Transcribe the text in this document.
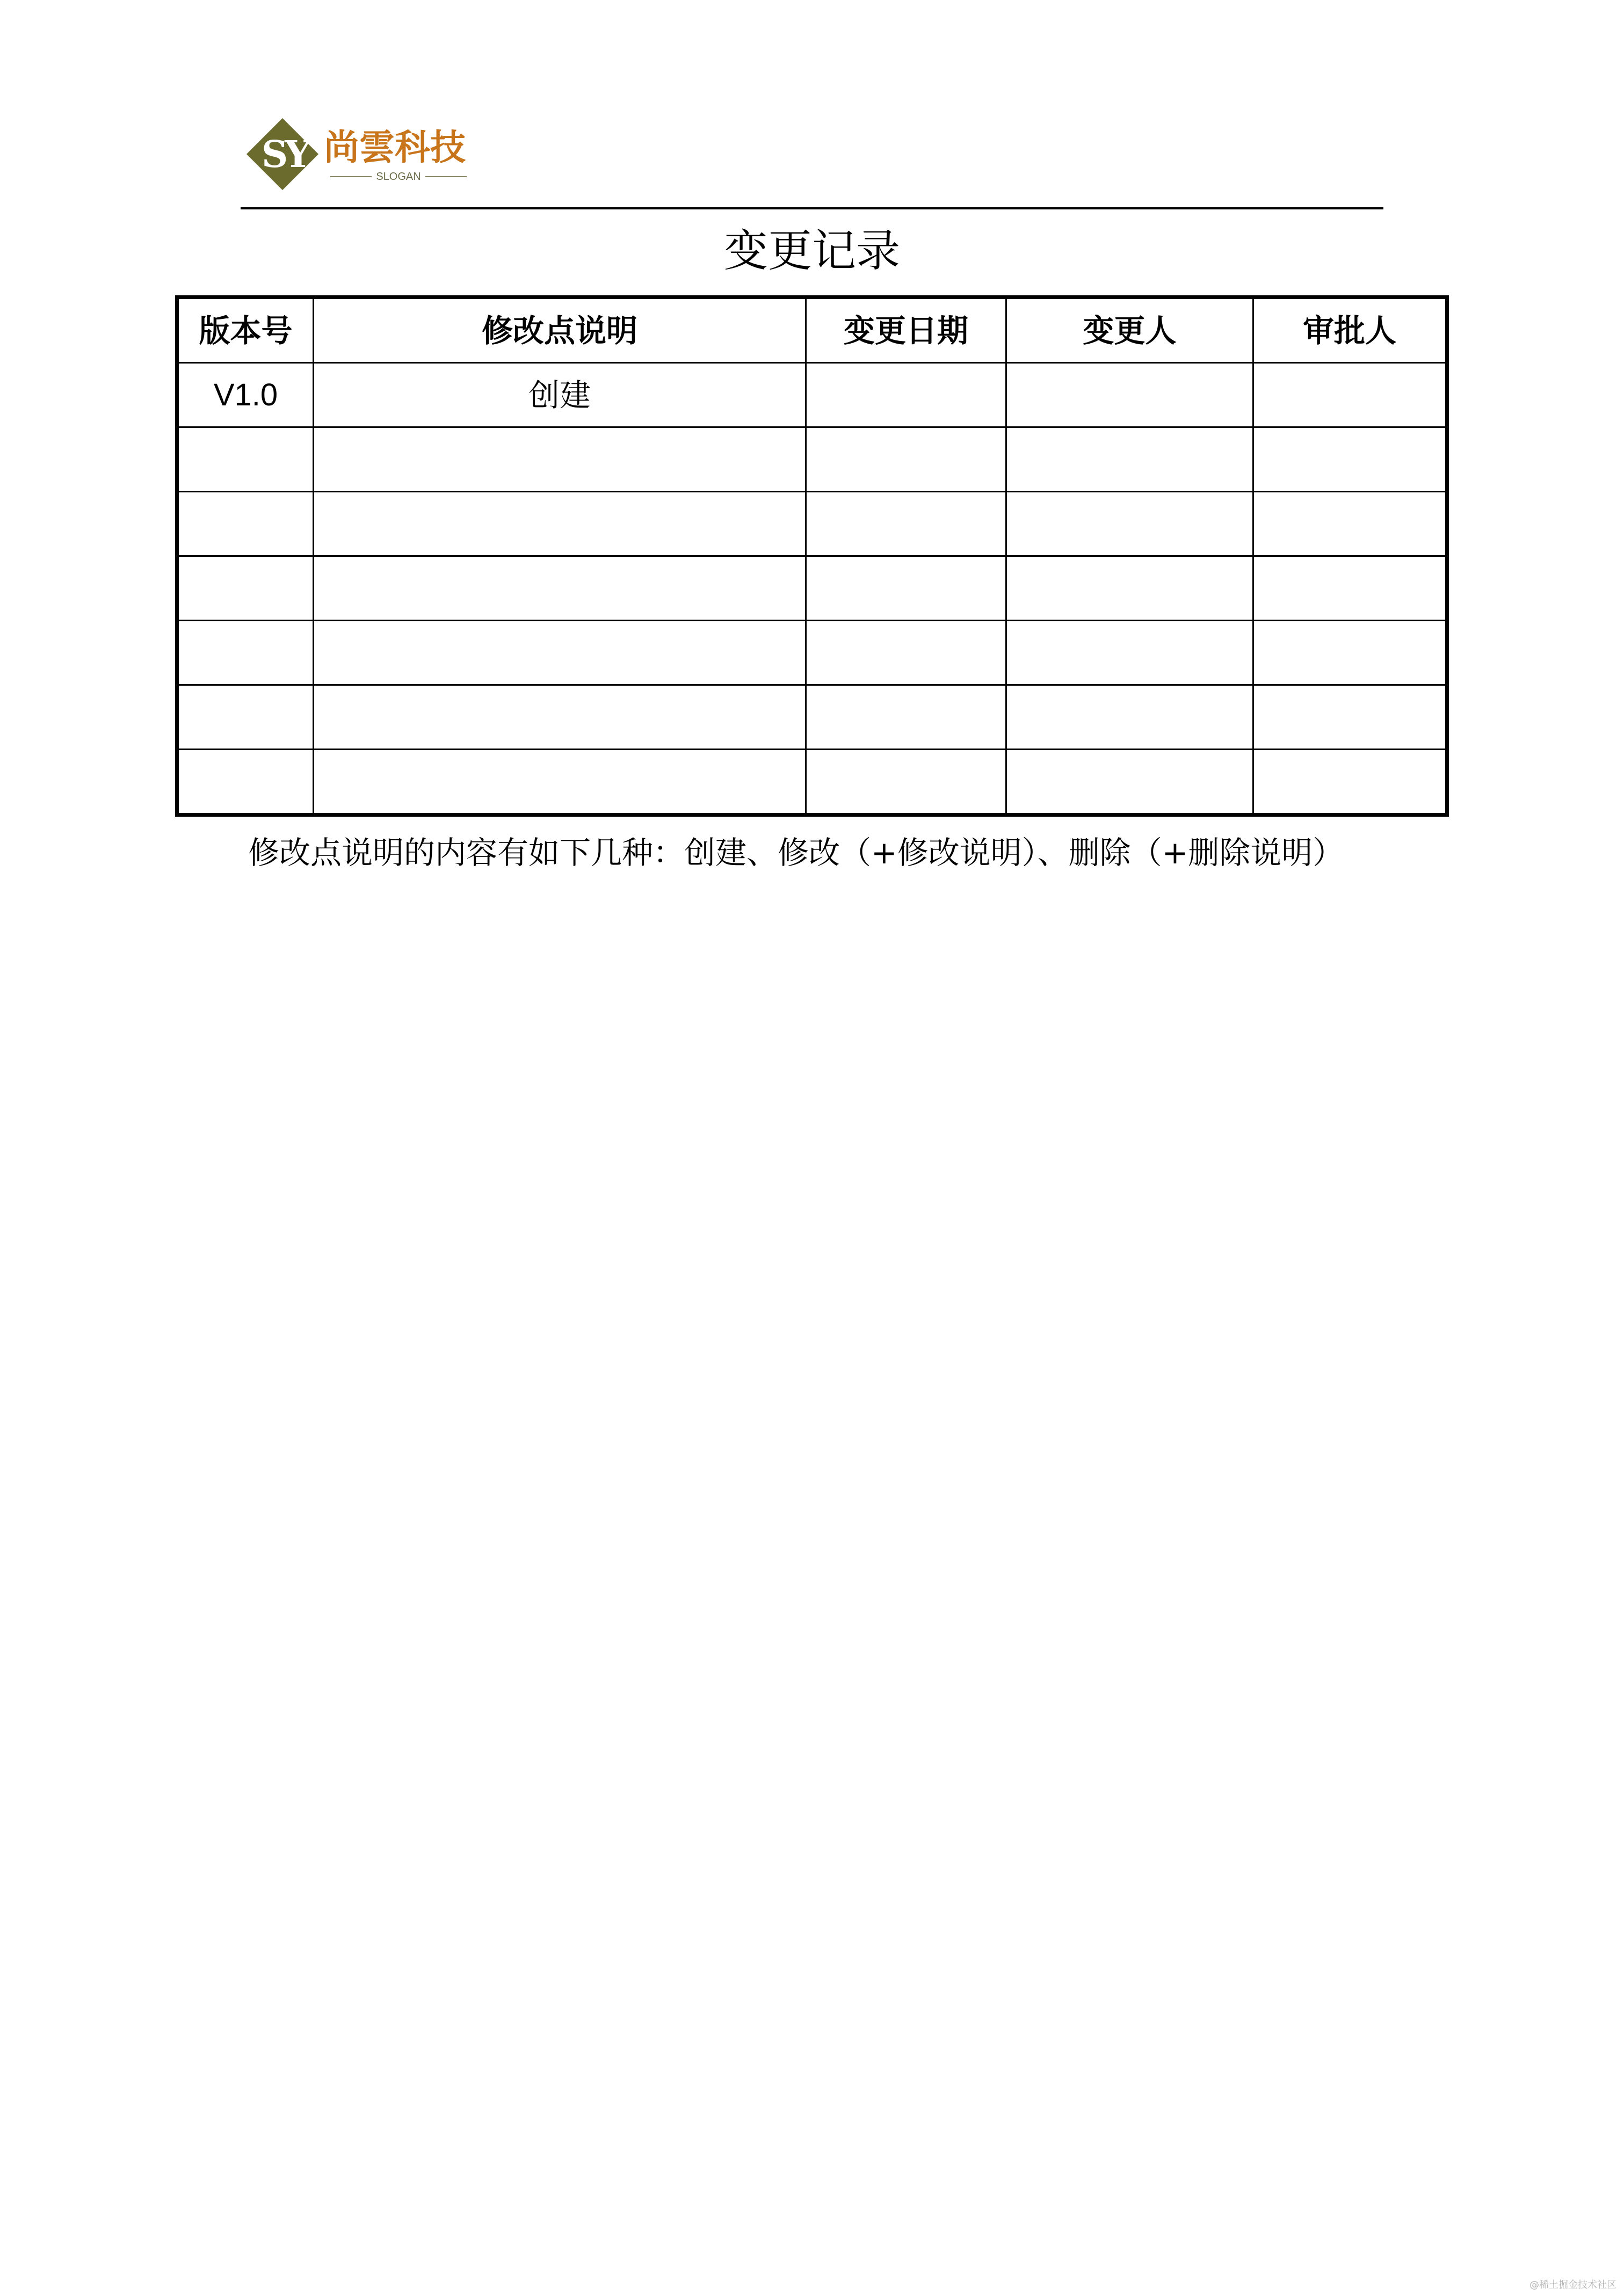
SY 尚雲科技
SLOGAN
变更记录
版本号	修改点说明	变更日期	变更人	审批人
V1.0	创建			

修改点说明的内容有如下几种：创建、修改（+修改说明）、删除（+删除说明）
@稀土掘金技术社区
